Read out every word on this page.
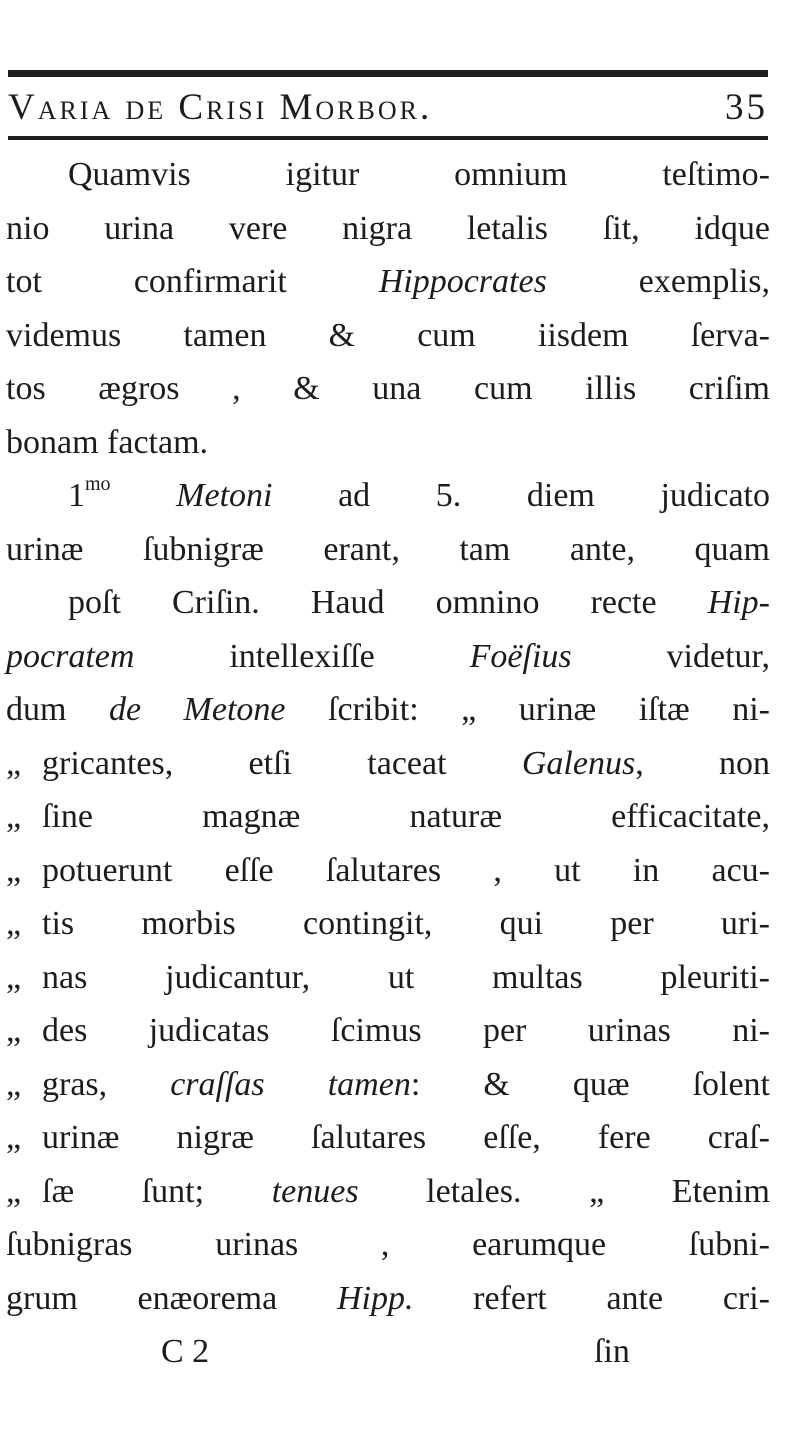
Varia de Crisi Morbor.	35
Quamvis igitur omnium teſtimo-
nio urina vere nigra letalis ſit, idque
tot confirmarit Hippocrates exemplis,
videmus tamen & cum iisdem ſerva-
tos ægros , & una cum illis criſim
bonam factam.
$1^{mo}$ Metoni ad 5. diem judicato
urinæ ſubnigræ erant, tam ante, quam
poſt Criſin. Haud omnino recte Hip-
pocratem intellexiſſe Foëſius videtur,
dum de Metone ſcribit: „ urinæ iſtæ ni-
„ gricantes, etſi taceat Galenus, non
„ ſine magnæ naturæ efficacitate,
„ potuerunt eſſe ſalutares , ut in acu-
„ tis morbis contingit, qui per uri-
„ nas judicantur, ut multas pleuriti-
„ des judicatas ſcimus per urinas ni-
„ gras, craſſas tamen: & quæ ſolent
„ urinæ nigræ ſalutares eſſe, fere craſ-
„ ſæ ſunt; tenues letales. „ Etenim
ſubnigras urinas , earumque ſubni-
grum enæorema Hipp. refert ante cri-
C 2	ſin
